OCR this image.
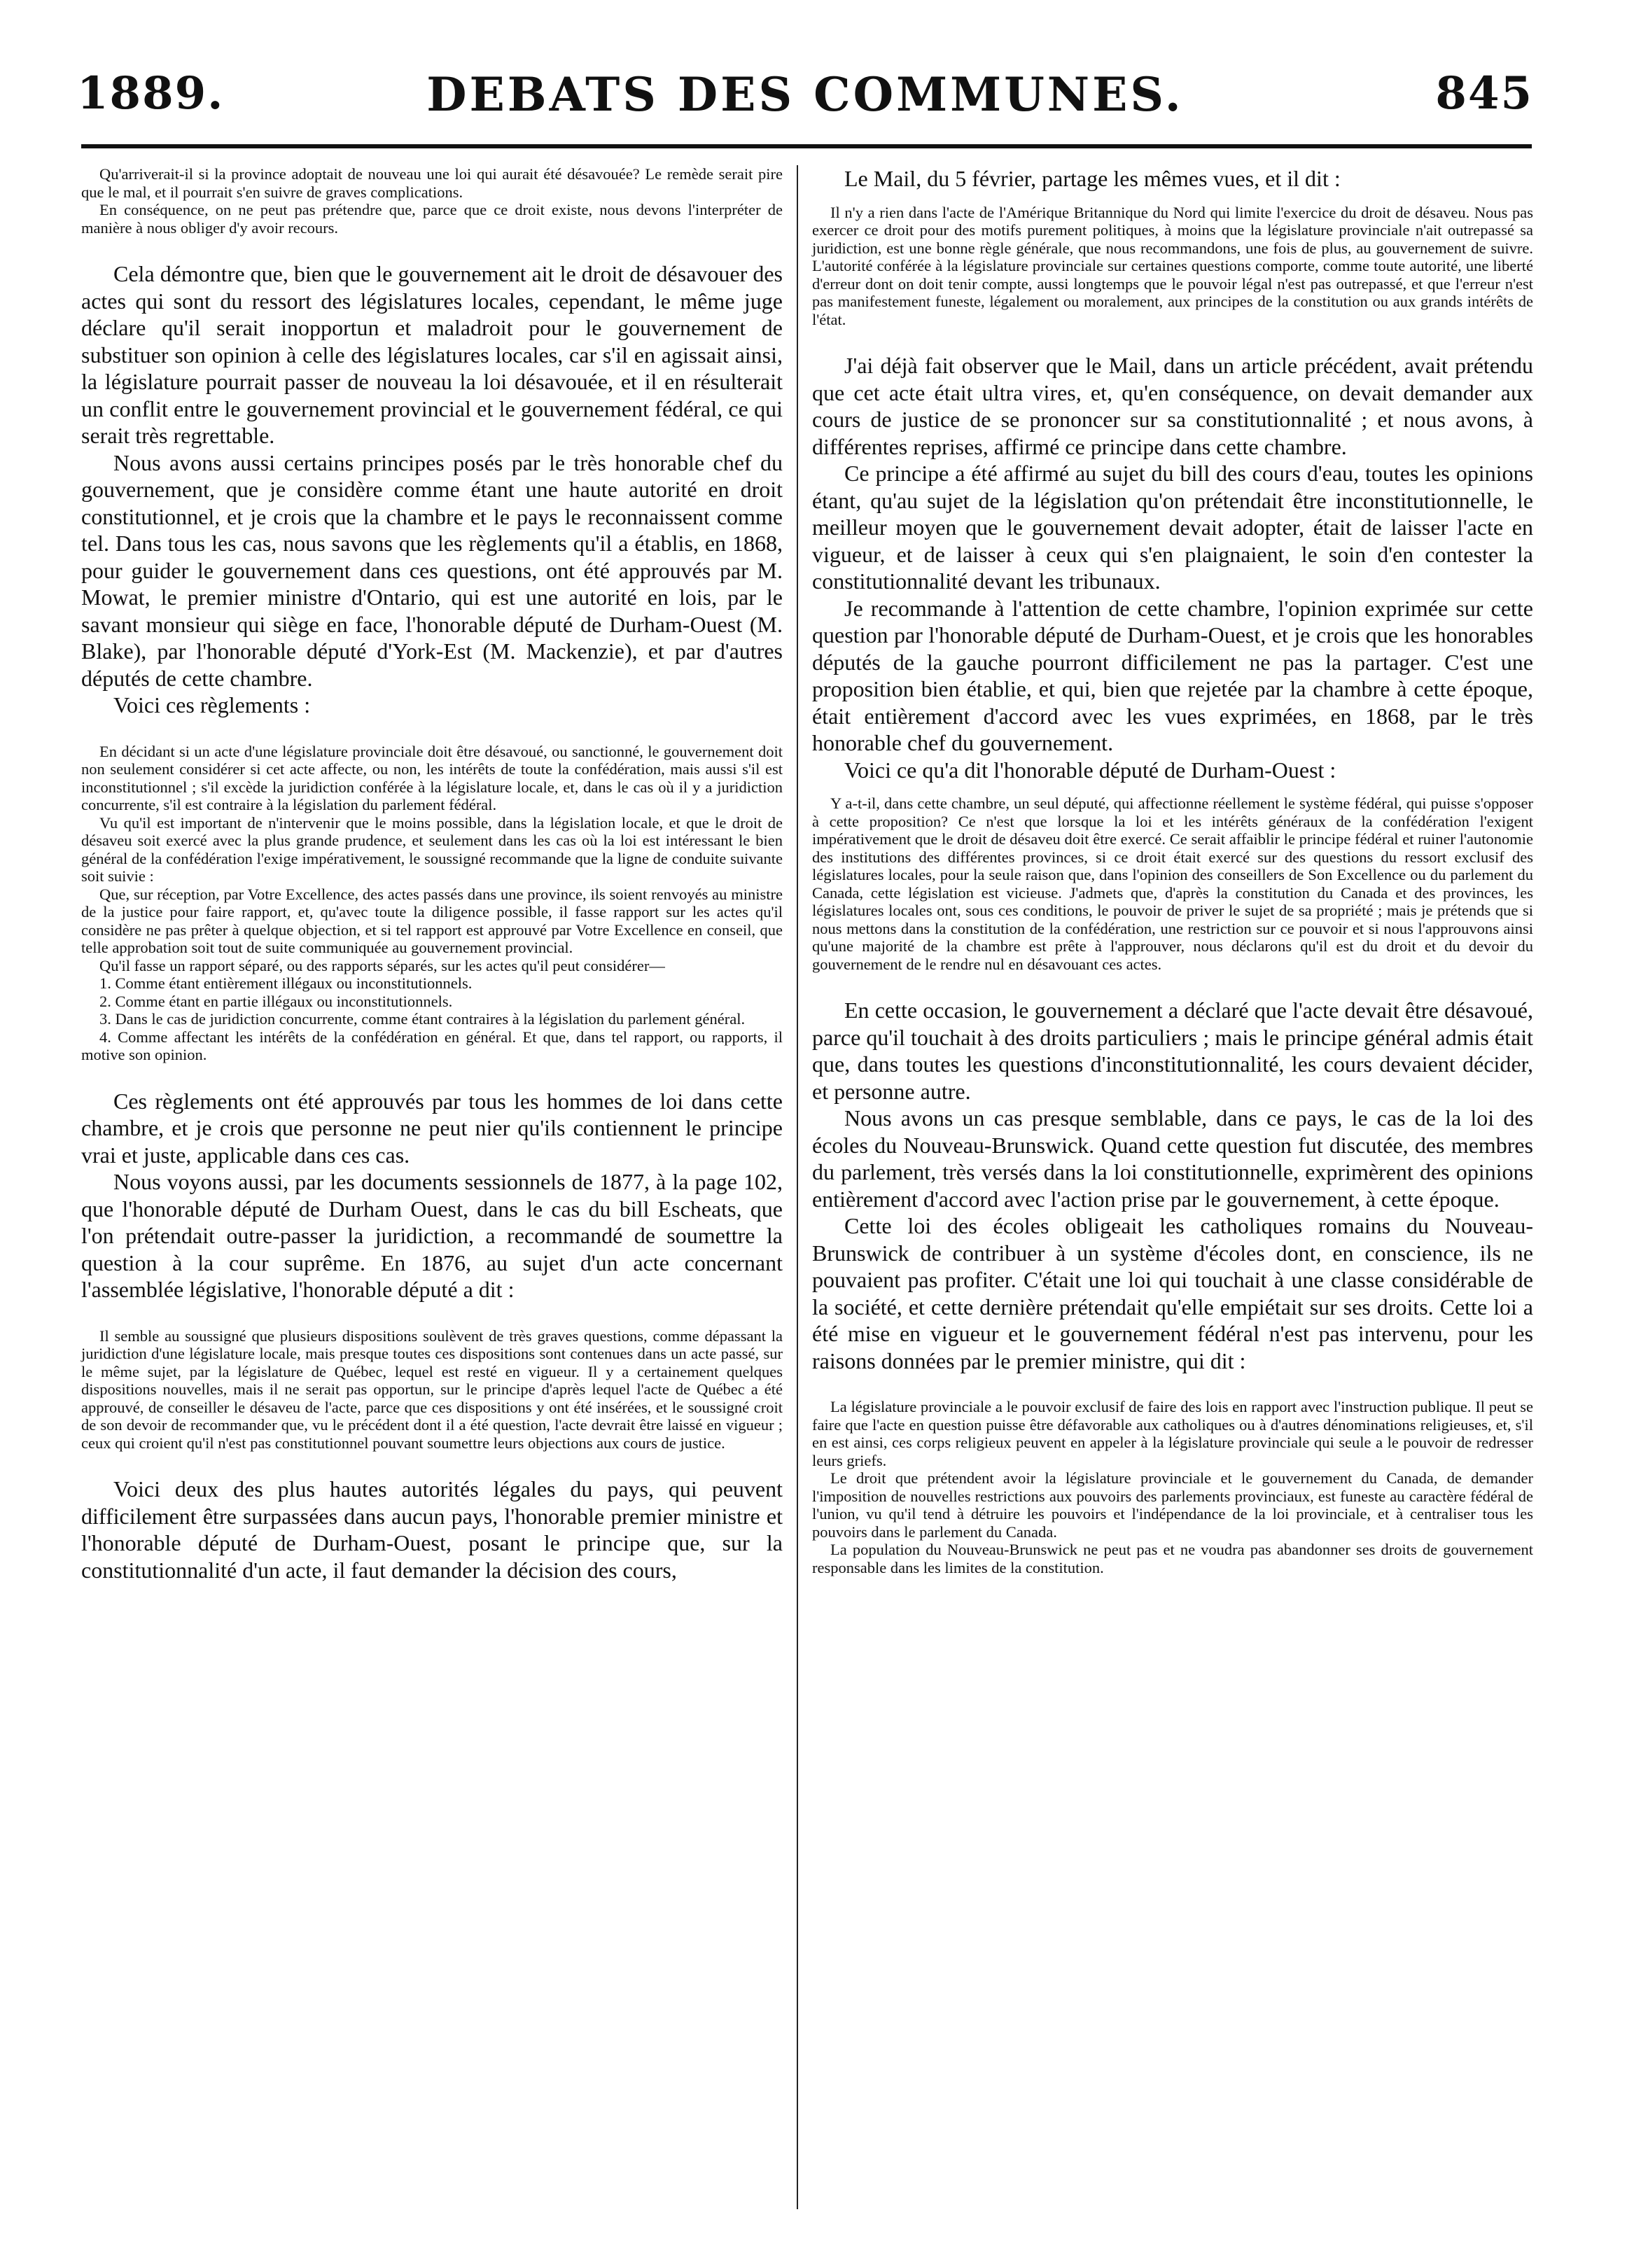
1889.	DEBATS DES COMMUNES.	845

Qu'arriverait-il si la province adoptait de nouveau une loi qui aurait été désavouée? Le remède serait pire que le mal, et il pourrait s'en suivre de graves complications.

En conséquence, on ne peut pas prétendre que, parce que ce droit existe, nous devons l'interpréter de manière à nous obliger d'y avoir recours.

Cela démontre que, bien que le gouvernement ait le droit de désavouer des actes qui sont du ressort des législatures locales, cependant, le même juge déclare qu'il serait inopportun et maladroit pour le gouvernement de substituer son opinion à celle des législatures locales, car s'il en agissait ainsi, la législature pourrait passer de nouveau la loi désavouée, et il en résulterait un conflit entre le gouvernement provincial et le gouvernement fédéral, ce qui serait très regrettable.

Nous avons aussi certains principes posés par le très honorable chef du gouvernement, que je considère comme étant une haute autorité en droit constitutionnel, et je crois que la chambre et le pays le reconnaissent comme tel. Dans tous les cas, nous savons que les règlements qu'il a établis, en 1868, pour guider le gouvernement dans ces questions, ont été approuvés par M. Mowat, le premier ministre d'Ontario, qui est une autorité en lois, par le savant monsieur qui siège en face, l'honorable député de Durham-Ouest (M. Blake), par l'honorable député d'York-Est (M. Mackenzie), et par d'autres députés de cette chambre.

Voici ces règlements :

En décidant si un acte d'une législature provinciale doit être désavoué, ou sanctionné, le gouvernement doit non seulement considérer si cet acte affecte, ou non, les intérêts de toute la confédération, mais aussi s'il est inconstitutionnel ; s'il excède la juridiction conférée à la législature locale, et, dans le cas où il y a juridiction concurrente, s'il est contraire à la législation du parlement fédéral.

Vu qu'il est important de n'intervenir que le moins possible, dans la législation locale, et que le droit de désaveu soit exercé avec la plus grande prudence, et seulement dans les cas où la loi est intéressant le bien général de la confédération l'exige impérativement, le soussigné recommande que la ligne de conduite suivante soit suivie :

Que, sur réception, par Votre Excellence, des actes passés dans une province, ils soient renvoyés au ministre de la justice pour faire rapport, et, qu'avec toute la diligence possible, il fasse rapport sur les actes qu'il considère ne pas prêter à quelque objection, et si tel rapport est approuvé par Votre Excellence en conseil, que telle approbation soit tout de suite communiquée au gouvernement provincial.

Qu'il fasse un rapport séparé, ou des rapports séparés, sur les actes qu'il peut considérer—

1. Comme étant entièrement illégaux ou inconstitutionnels.

2. Comme étant en partie illégaux ou inconstitutionnels.

3. Dans le cas de juridiction concurrente, comme étant contraires à la législation du parlement général.

4. Comme affectant les intérêts de la confédération en général. Et que, dans tel rapport, ou rapports, il motive son opinion.

Ces règlements ont été approuvés par tous les hommes de loi dans cette chambre, et je crois que personne ne peut nier qu'ils contiennent le principe vrai et juste, applicable dans ces cas.

Nous voyons aussi, par les documents sessionnels de 1877, à la page 102, que l'honorable député de Durham Ouest, dans le cas du bill Escheats, que l'on prétendait outre-passer la juridiction, a recommandé de soumettre la question à la cour suprême. En 1876, au sujet d'un acte concernant l'assemblée législative, l'honorable député a dit :

Il semble au soussigné que plusieurs dispositions soulèvent de très graves questions, comme dépassant la juridiction d'une législature locale, mais presque toutes ces dispositions sont contenues dans un acte passé, sur le même sujet, par la législature de Québec, lequel est resté en vigueur. Il y a certainement quelques dispositions nouvelles, mais il ne serait pas opportun, sur le principe d'après lequel l'acte de Québec a été approuvé, de conseiller le désaveu de l'acte, parce que ces dispositions y ont été insérées, et le soussigné croit de son devoir de recommander que, vu le précédent dont il a été question, l'acte devrait être laissé en vigueur ; ceux qui croient qu'il n'est pas constitutionnel pouvant soumettre leurs objections aux cours de justice.

Voici deux des plus hautes autorités légales du pays, qui peuvent difficilement être surpassées dans aucun pays, l'honorable premier ministre et l'honorable député de Durham-Ouest, posant le principe que, sur la constitutionnalité d'un acte, il faut demander la décision des cours,

Le Mail, du 5 février, partage les mêmes vues, et il dit :

Il n'y a rien dans l'acte de l'Amérique Britannique du Nord qui limite l'exercice du droit de désaveu. Nous pas exercer ce droit pour des motifs purement politiques, à moins que la législature provinciale n'ait outrepassé sa juridiction, est une bonne règle générale, que nous recommandons, une fois de plus, au gouvernement de suivre. L'autorité conférée à la législature provinciale sur certaines questions comporte, comme toute autorité, une liberté d'erreur dont on doit tenir compte, aussi longtemps que le pouvoir légal n'est pas outrepassé, et que l'erreur n'est pas manifestement funeste, légalement ou moralement, aux principes de la constitution ou aux grands intérêts de l'état.

J'ai déjà fait observer que le Mail, dans un article précédent, avait prétendu que cet acte était ultra vires, et, qu'en conséquence, on devait demander aux cours de justice de se prononcer sur sa constitutionnalité ; et nous avons, à différentes reprises, affirmé ce principe dans cette chambre.

Ce principe a été affirmé au sujet du bill des cours d'eau, toutes les opinions étant, qu'au sujet de la législation qu'on prétendait être inconstitutionnelle, le meilleur moyen que le gouvernement devait adopter, était de laisser l'acte en vigueur, et de laisser à ceux qui s'en plaignaient, le soin d'en contester la constitutionnalité devant les tribunaux.

Je recommande à l'attention de cette chambre, l'opinion exprimée sur cette question par l'honorable député de Durham-Ouest, et je crois que les honorables députés de la gauche pourront difficilement ne pas la partager. C'est une proposition bien établie, et qui, bien que rejetée par la chambre à cette époque, était entièrement d'accord avec les vues exprimées, en 1868, par le très honorable chef du gouvernement.

Voici ce qu'a dit l'honorable député de Durham-Ouest :

Y a-t-il, dans cette chambre, un seul député, qui affectionne réellement le système fédéral, qui puisse s'opposer à cette proposition? Ce n'est que lorsque la loi et les intérêts généraux de la confédération l'exigent impérativement que le droit de désaveu doit être exercé. Ce serait affaiblir le principe fédéral et ruiner l'autonomie des institutions des différentes provinces, si ce droit était exercé sur des questions du ressort exclusif des législatures locales, pour la seule raison que, dans l'opinion des conseillers de Son Excellence ou du parlement du Canada, cette législation est vicieuse. J'admets que, d'après la constitution du Canada et des provinces, les législatures locales ont, sous ces conditions, le pouvoir de priver le sujet de sa propriété ; mais je prétends que si nous mettons dans la constitution de la confédération, une restriction sur ce pouvoir et si nous l'approuvons ainsi qu'une majorité de la chambre est prête à l'approuver, nous déclarons qu'il est du droit et du devoir du gouvernement de le rendre nul en désavouant ces actes.

En cette occasion, le gouvernement a déclaré que l'acte devait être désavoué, parce qu'il touchait à des droits particuliers ; mais le principe général admis était que, dans toutes les questions d'inconstitutionnalité, les cours devaient décider, et personne autre.

Nous avons un cas presque semblable, dans ce pays, le cas de la loi des écoles du Nouveau-Brunswick. Quand cette question fut discutée, des membres du parlement, très versés dans la loi constitutionnelle, exprimèrent des opinions entièrement d'accord avec l'action prise par le gouvernement, à cette époque.

Cette loi des écoles obligeait les catholiques romains du Nouveau-Brunswick de contribuer à un système d'écoles dont, en conscience, ils ne pouvaient pas profiter. C'était une loi qui touchait à une classe considérable de la société, et cette dernière prétendait qu'elle empiétait sur ses droits. Cette loi a été mise en vigueur et le gouvernement fédéral n'est pas intervenu, pour les raisons données par le premier ministre, qui dit :

La législature provinciale a le pouvoir exclusif de faire des lois en rapport avec l'instruction publique. Il peut se faire que l'acte en question puisse être défavorable aux catholiques ou à d'autres dénominations religieuses, et, s'il en est ainsi, ces corps religieux peuvent en appeler à la législature provinciale qui seule a le pouvoir de redresser leurs griefs.

Le droit que prétendent avoir la législature provinciale et le gouvernement du Canada, de demander l'imposition de nouvelles restrictions aux pouvoirs des parlements provinciaux, est funeste au caractère fédéral de l'union, vu qu'il tend à détruire les pouvoirs et l'indépendance de la loi provinciale, et à centraliser tous les pouvoirs dans le parlement du Canada.

La population du Nouveau-Brunswick ne peut pas et ne voudra pas abandonner ses droits de gouvernement responsable dans les limites de la constitution.
